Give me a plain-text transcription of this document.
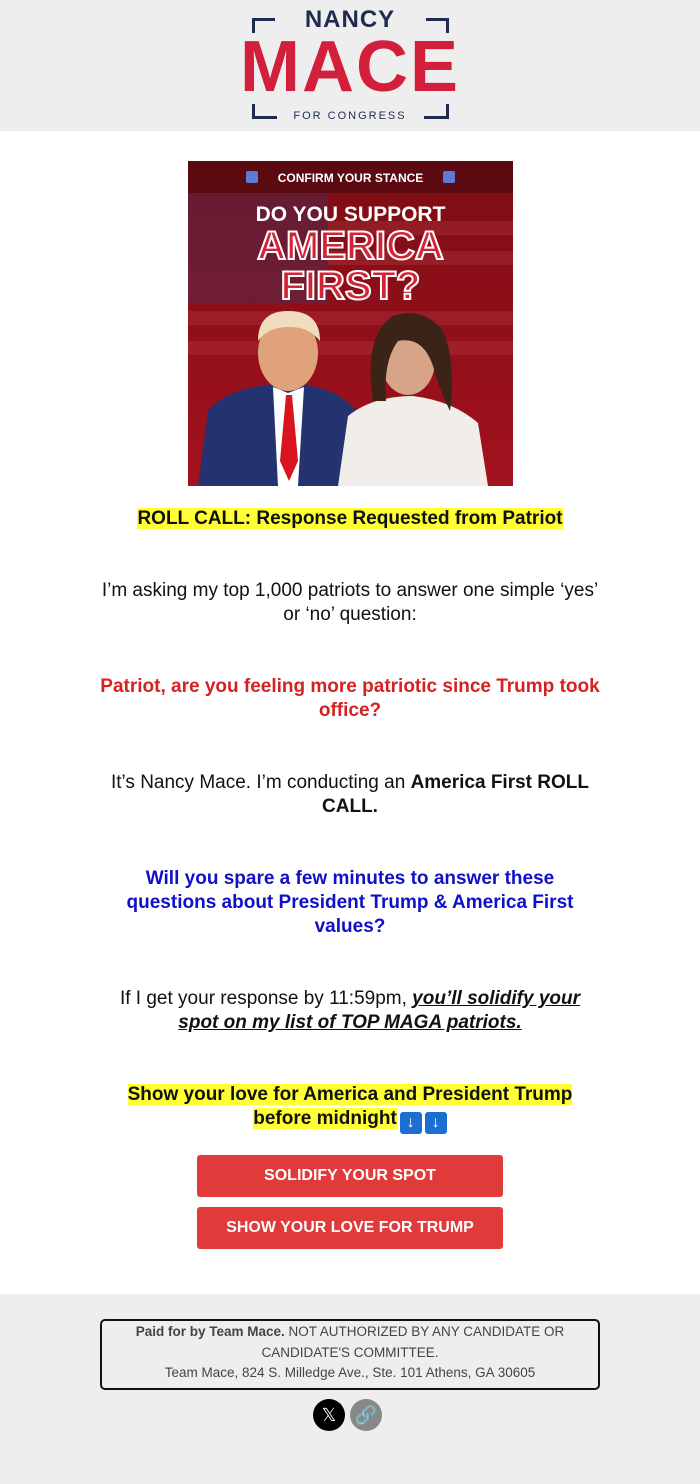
NANCY
MACE
FOR CONGRESS
CONFIRM YOUR STANCE
DO YOU SUPPORT
AMERICA
FIRST?
ROLL CALL: Response Requested from Patriot
I’m asking my top 1,000 patriots to answer one simple ‘yes’ or ‘no’ question:
Patriot, are you feeling more patriotic since Trump took office?
It’s Nancy Mace. I’m conducting an America First ROLL CALL.
Will you spare a few minutes to answer these questions about President Trump & America First values?
If I get your response by 11:59pm, you’ll solidify your spot on my list of TOP MAGA patriots.
Show your love for America and President Trump before midnight ↓ ↓
SOLIDIFY YOUR SPOT
SHOW YOUR LOVE FOR TRUMP
Paid for by Team Mace. NOT AUTHORIZED BY ANY CANDIDATE OR CANDIDATE'S COMMITTEE.
Team Mace, 824 S. Milledge Ave., Ste. 101 Athens, GA 30605
𝕏	🔗
